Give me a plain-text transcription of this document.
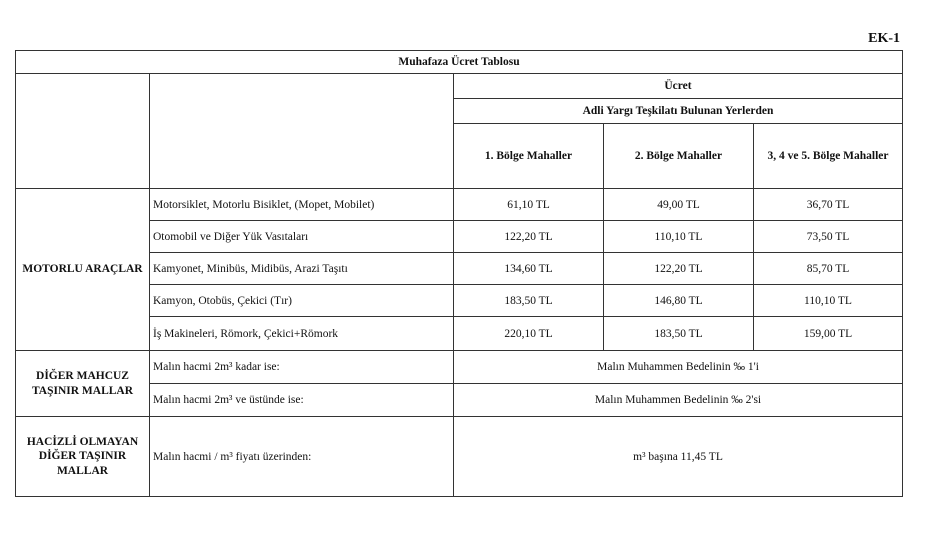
EK-1
Muhafaza Ücret Tablosu				
		Ücret		
		Adli Yargı Teşkilatı Bulunan Yerlerden		
		1. Bölge Mahaller	2. Bölge Mahaller	3, 4 ve 5. Bölge Mahaller
MOTORLU ARAÇLAR	Motorsiklet, Motorlu Bisiklet, (Mopet, Mobilet)	61,10 TL	49,00 TL	36,70 TL
	Otomobil ve Diğer Yük Vasıtaları	122,20 TL	110,10 TL	73,50 TL
	Kamyonet, Minibüs, Midibüs, Arazi Taşıtı	134,60 TL	122,20 TL	85,70 TL
	Kamyon, Otobüs, Çekici (Tır)	183,50 TL	146,80 TL	110,10 TL
	İş Makineleri, Römork, Çekici+Römork	220,10 TL	183,50 TL	159,00 TL
DİĞER MAHCUZ TAŞINIR MALLAR	Malın hacmi 2m³ kadar ise:	Malın Muhammen Bedelinin ‰ 1'i		
	Malın hacmi 2m³ ve üstünde ise:	Malın Muhammen Bedelinin ‰ 2'si		
HACİZLİ OLMAYAN DİĞER TAŞINIR MALLAR	Malın hacmi / m³ fiyatı üzerinden:	m³ başına 11,45 TL		
